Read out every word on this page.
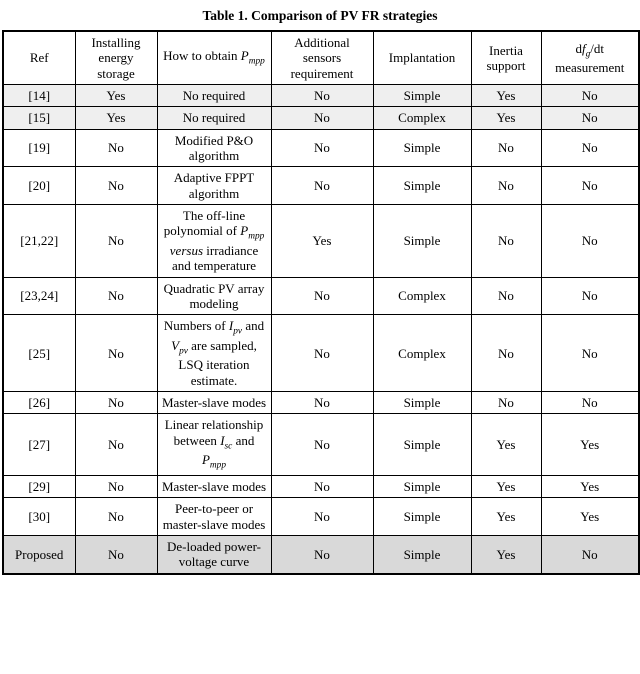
Table 1. Comparison of PV FR strategies
Ref	Installing energy storage	How to obtain $P_{mpp}$	Additional sensors requirement	Implantation	Inertia support	$df_g/dt$ measurement
[14]	Yes	No required	No	Simple	Yes	No
[15]	Yes	No required	No	Complex	Yes	No
[19]	No	Modified P&O algorithm	No	Simple	No	No
[20]	No	Adaptive FPPT algorithm	No	Simple	No	No
[21,22]	No	The off-line polynomial of $P_{mpp}$ versus irradiance and temperature	Yes	Simple	No	No
[23,24]	No	Quadratic PV array modeling	No	Complex	No	No
[25]	No	Numbers of $I_{pv}$ and $V_{pv}$ are sampled, LSQ iteration estimate.	No	Complex	No	No
[26]	No	Master-slave modes	No	Simple	No	No
[27]	No	Linear relationship between $I_{sc}$ and $P_{mpp}$	No	Simple	Yes	Yes
[29]	No	Master-slave modes	No	Simple	Yes	Yes
[30]	No	Peer-to-peer or master-slave modes	No	Simple	Yes	Yes
Proposed	No	De-loaded power-voltage curve	No	Simple	Yes	No
